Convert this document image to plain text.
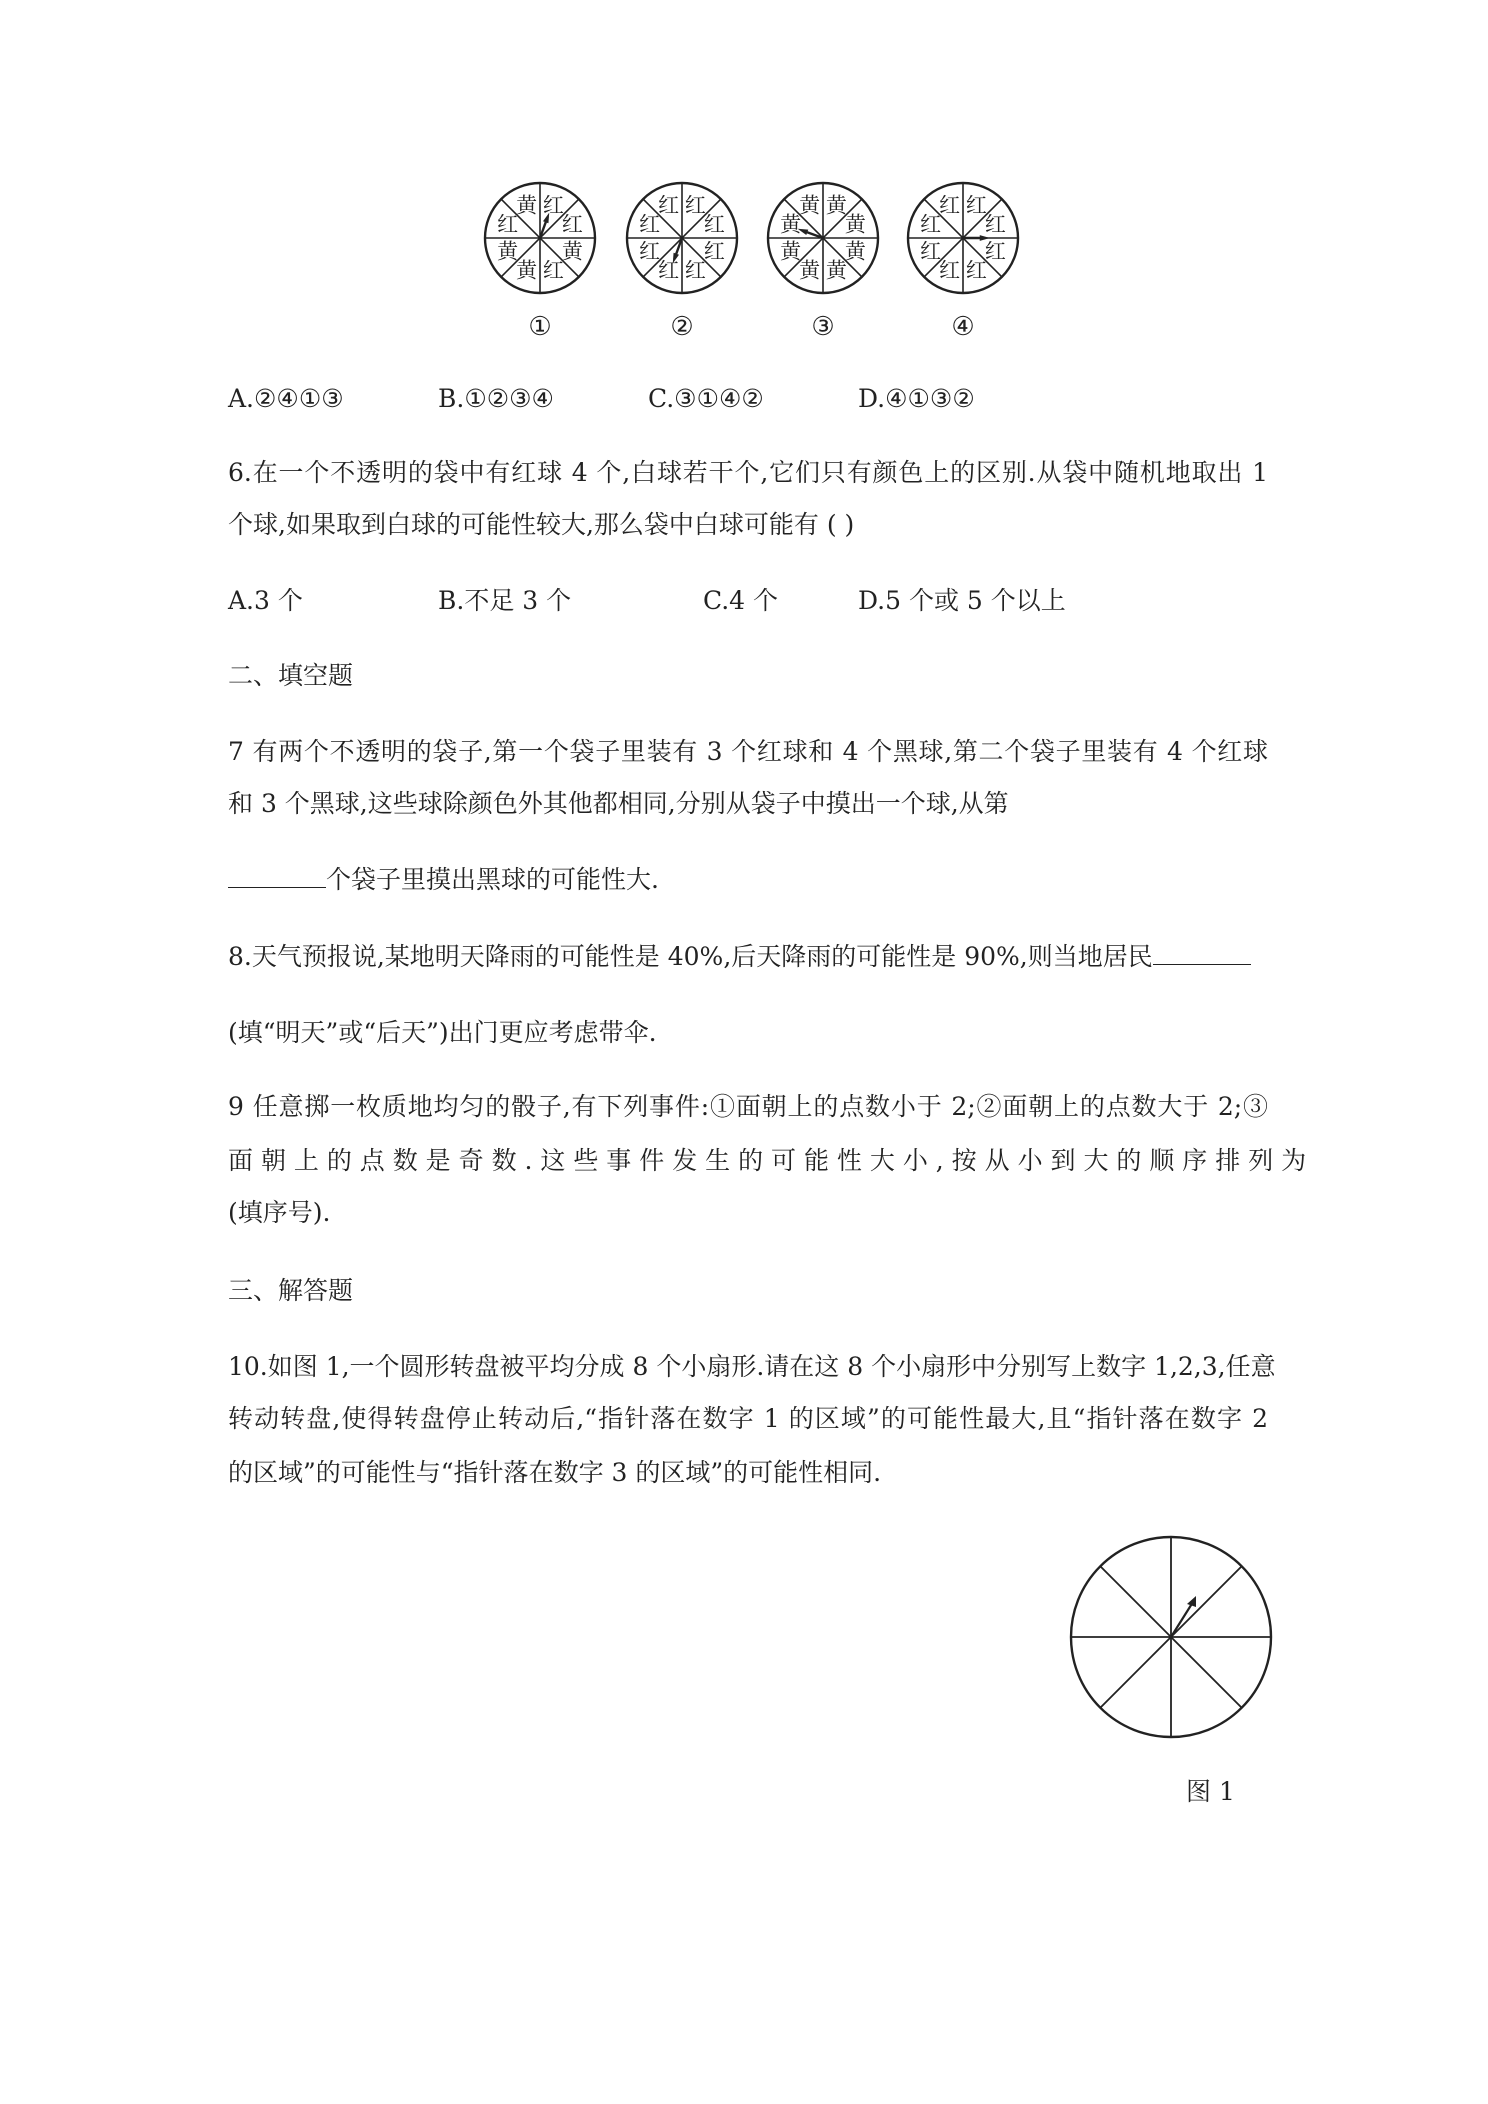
红
红
黄
红
黄
黄
红
黄	红
红
红
红
红
红
红
红	黄
黄
黄
黄
黄
黄
黄
黄	红
红
红
红
红
红
红
红
①	②	③	④
A.②④①③	B.①②③④	C.③①④②	D.④①③②
6.在一个不透明的袋中有红球 4 个,白球若干个,它们只有颜色上的区别.从袋中随机地取出 1
个球,如果取到白球的可能性较大,那么袋中白球可能有 ( )
A.3 个	B.不足 3 个	C.4 个	D.5 个或 5 个以上
二、填空题
7 有两个不透明的袋子,第一个袋子里装有 3 个红球和 4 个黑球,第二个袋子里装有 4 个红球
和 3 个黑球,这些球除颜色外其他都相同,分别从袋子中摸出一个球,从第
个袋子里摸出黑球的可能性大.
8.天气预报说,某地明天降雨的可能性是 40%,后天降雨的可能性是 90%,则当地居民
(填“明天”或“后天”)出门更应考虑带伞.
9 任意掷一枚质地均匀的骰子,有下列事件:①面朝上的点数小于 2;②面朝上的点数大于 2;③
面 朝 上 的 点 数 是 奇 数 . 这 些 事 件 发 生 的 可 能 性 大 小 , 按 从 小 到 大 的 顺 序 排 列 为
(填序号).
三、解答题
10.如图 1,一个圆形转盘被平均分成 8 个小扇形.请在这 8 个小扇形中分别写上数字 1,2,3,任意
转动转盘,使得转盘停止转动后,“指针落在数字 1 的区域”的可能性最大,且“指针落在数字 2
的区域”的可能性与“指针落在数字 3 的区域”的可能性相同.
图 1
